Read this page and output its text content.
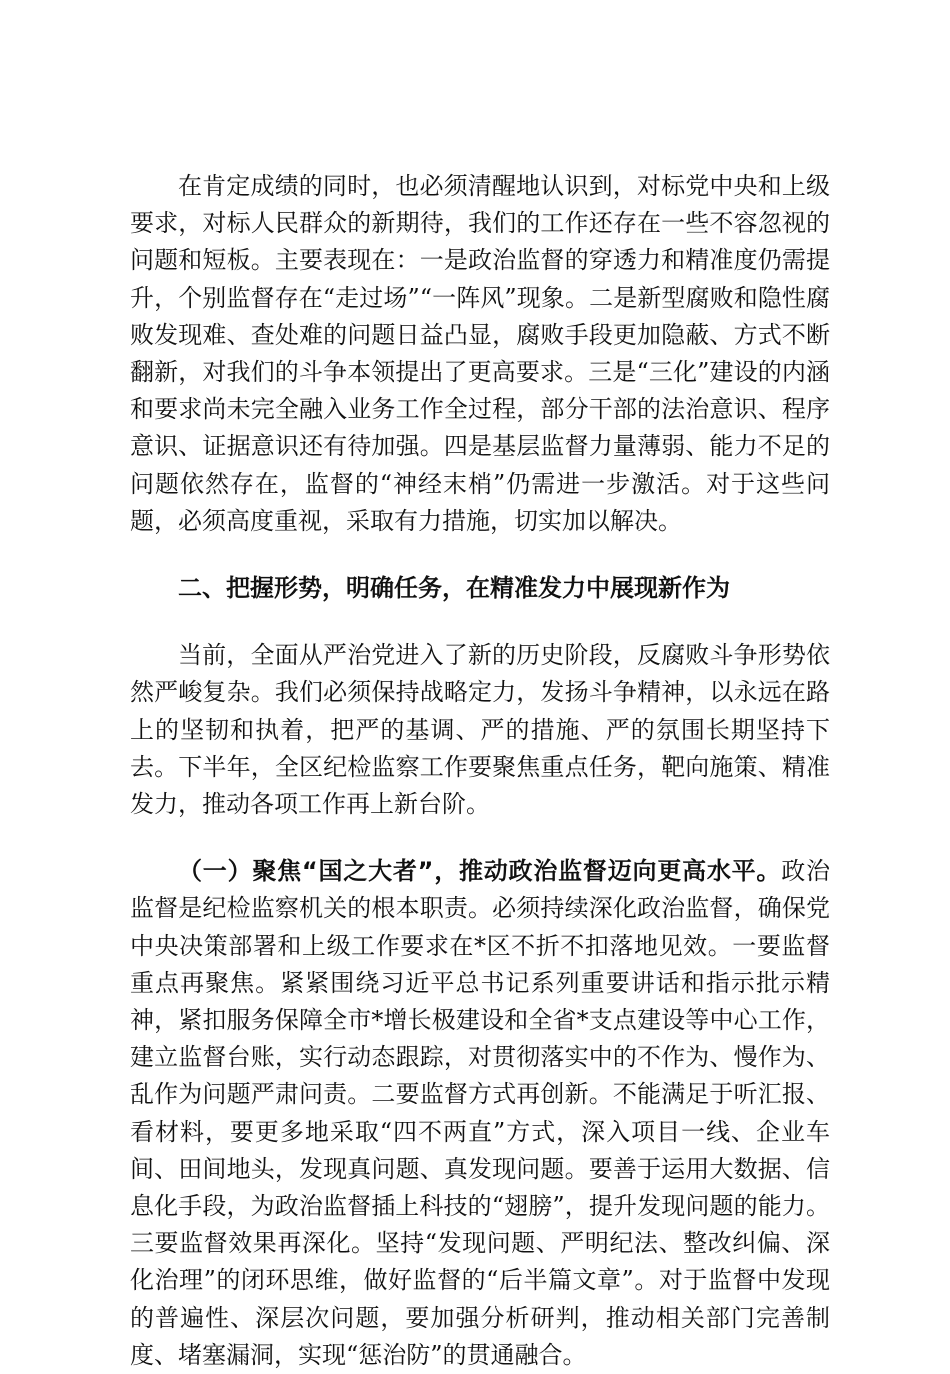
在肯定成绩的同时，也必须清醒地认识到，对标党中央和上级要求，对标人民群众的新期待，我们的工作还存在一些不容忽视的问题和短板。主要表现在：一是政治监督的穿透力和精准度仍需提升，个别监督存在“走过场”“一阵风”现象。二是新型腐败和隐性腐败发现难、查处难的问题日益凸显，腐败手段更加隐蔽、方式不断翻新，对我们的斗争本领提出了更高要求。三是“三化”建设的内涵和要求尚未完全融入业务工作全过程，部分干部的法治意识、程序意识、证据意识还有待加强。四是基层监督力量薄弱、能力不足的问题依然存在，监督的“神经末梢”仍需进一步激活。对于这些问题，必须高度重视，采取有力措施，切实加以解决。

二、把握形势，明确任务，在精准发力中展现新作为

当前，全面从严治党进入了新的历史阶段，反腐败斗争形势依然严峻复杂。我们必须保持战略定力，发扬斗争精神，以永远在路上的坚韧和执着，把严的基调、严的措施、严的氛围长期坚持下去。下半年，全区纪检监察工作要聚焦重点任务，靶向施策、精准发力，推动各项工作再上新台阶。

（一）聚焦“国之大者”，推动政治监督迈向更高水平。政治监督是纪检监察机关的根本职责。必须持续深化政治监督，确保党中央决策部署和上级工作要求在*区不折不扣落地见效。一要监督重点再聚焦。紧紧围绕习近平总书记系列重要讲话和指示批示精神，紧扣服务保障全市*增长极建设和全省*支点建设等中心工作，建立监督台账，实行动态跟踪，对贯彻落实中的不作为、慢作为、乱作为问题严肃问责。二要监督方式再创新。不能满足于听汇报、看材料，要更多地采取“四不两直”方式，深入项目一线、企业车间、田间地头，发现真问题、真发现问题。要善于运用大数据、信息化手段，为政治监督插上科技的“翅膀”，提升发现问题的能力。三要监督效果再深化。坚持“发现问题、严明纪法、整改纠偏、深化治理”的闭环思维，做好监督的“后半篇文章”。对于监督中发现的普遍性、深层次问题，要加强分析研判，推动相关部门完善制度、堵塞漏洞，实现“惩治防”的贯通融合。
